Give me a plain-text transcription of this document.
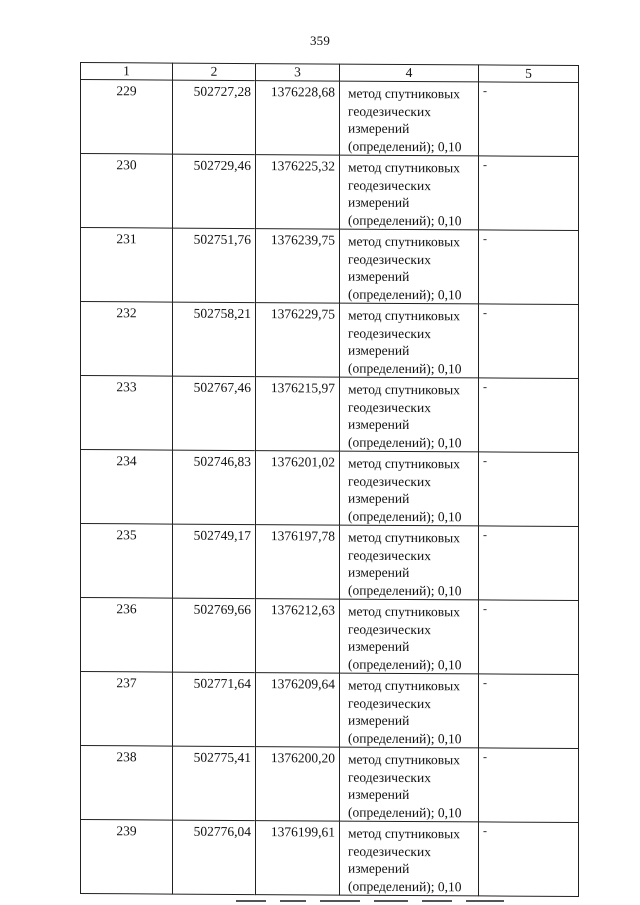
359
1	2	3	4	5
229	502727,28	1376228,68	метод спутниковых геодезических измерений (определений); 0,10	-
230	502729,46	1376225,32	метод спутниковых геодезических измерений (определений); 0,10	-
231	502751,76	1376239,75	метод спутниковых геодезических измерений (определений); 0,10	-
232	502758,21	1376229,75	метод спутниковых геодезических измерений (определений); 0,10	-
233	502767,46	1376215,97	метод спутниковых геодезических измерений (определений); 0,10	-
234	502746,83	1376201,02	метод спутниковых геодезических измерений (определений); 0,10	-
235	502749,17	1376197,78	метод спутниковых геодезических измерений (определений); 0,10	-
236	502769,66	1376212,63	метод спутниковых геодезических измерений (определений); 0,10	-
237	502771,64	1376209,64	метод спутниковых геодезических измерений (определений); 0,10	-
238	502775,41	1376200,20	метод спутниковых геодезических измерений (определений); 0,10	-
239	502776,04	1376199,61	метод спутниковых геодезических измерений (определений); 0,10	-
